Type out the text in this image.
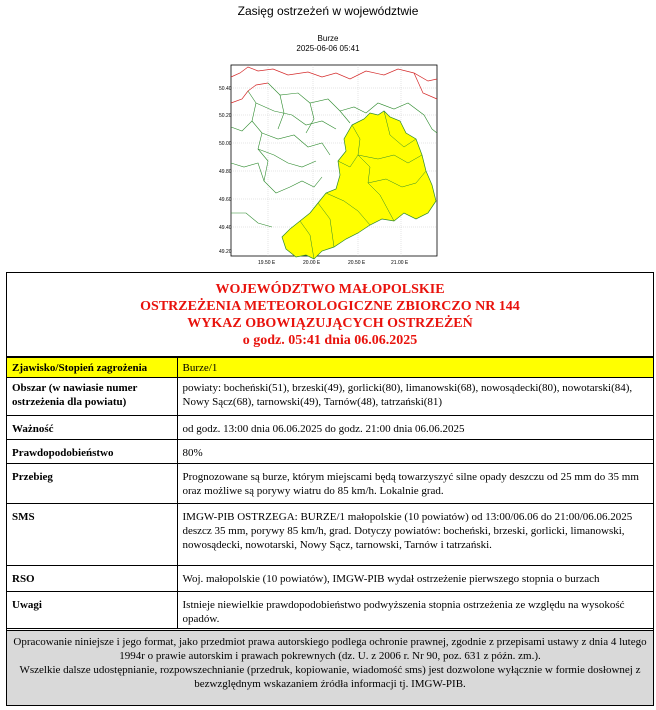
Zasięg ostrzeżeń w województwie
Burze
2025-06-06 05:41
50.40
50.20
50.00
49.80
49.60
49.40
49.20
19.50 E	20.00 E	20.50 E	21.00 E
WOJEWÓDZTWO MAŁOPOLSKIE
OSTRZEŻENIA METEOROLOGICZNE ZBIORCZO NR 144
WYKAZ OBOWIĄZUJĄCYCH OSTRZEŻEŃ
o godz. 05:41 dnia 06.06.2025
Zjawisko/Stopień zagrożenia	Burze/1
Obszar (w nawiasie numer ostrzeżenia dla powiatu)	powiaty: bocheński(51), brzeski(49), gorlicki(80), limanowski(68), nowosądecki(80), nowotarski(84), Nowy Sącz(68), tarnowski(49), Tarnów(48), tatrzański(81)
Ważność	od godz. 13:00 dnia 06.06.2025 do godz. 21:00 dnia 06.06.2025
Prawdopodobieństwo	80%
Przebieg	Prognozowane są burze, którym miejscami będą towarzyszyć silne opady deszczu od 25 mm do 35 mm oraz możliwe są porywy wiatru do 85 km/h. Lokalnie grad.
SMS	IMGW-PIB OSTRZEGA: BURZE/1 małopolskie (10 powiatów) od 13:00/06.06 do 21:00/06.06.2025 deszcz 35 mm, porywy 85 km/h, grad. Dotyczy powiatów: bocheński, brzeski, gorlicki, limanowski, nowosądecki, nowotarski, Nowy Sącz, tarnowski, Tarnów i tatrzański.
RSO	Woj. małopolskie (10 powiatów), IMGW-PIB wydał ostrzeżenie pierwszego stopnia o burzach
Uwagi	Istnieje niewielkie prawdopodobieństwo podwyższenia stopnia ostrzeżenia ze względu na wysokość opadów.
Opracowanie niniejsze i jego format, jako przedmiot prawa autorskiego podlega ochronie prawnej, zgodnie z przepisami ustawy z dnia 4 lutego 1994r o prawie autorskim i prawach pokrewnych (dz. U. z 2006 r. Nr 90, poz. 631 z późn. zm.).
Wszelkie dalsze udostępnianie, rozpowszechnianie (przedruk, kopiowanie, wiadomość sms) jest dozwolone wyłącznie w formie dosłownej z bezwzględnym wskazaniem źródła informacji tj. IMGW-PIB.
